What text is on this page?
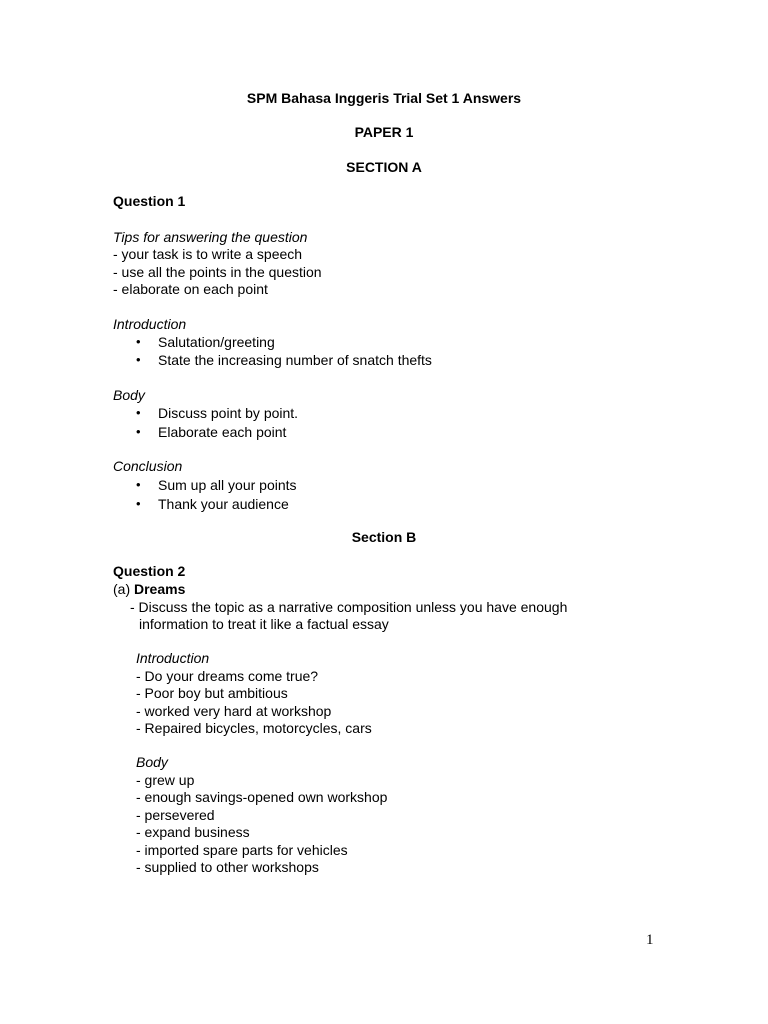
SPM Bahasa Inggeris Trial Set 1 Answers
PAPER 1
SECTION A
Question 1
Tips for answering the question
- your task is to write a speech
- use all the points in the question
- elaborate on each point
Introduction
• Salutation/greeting
• State the increasing number of snatch thefts
Body
• Discuss point by point.
• Elaborate each point
Conclusion
• Sum up all your points
• Thank your audience
Section B
Question 2
(a) Dreams
- Discuss the topic as a narrative composition unless you have enough
information to treat it like a factual essay
Introduction
- Do your dreams come true?
- Poor boy but ambitious
- worked very hard at workshop
- Repaired bicycles, motorcycles, cars
Body
- grew up
- enough savings-opened own workshop
- persevered
- expand business
- imported spare parts for vehicles
- supplied to other workshops
1
